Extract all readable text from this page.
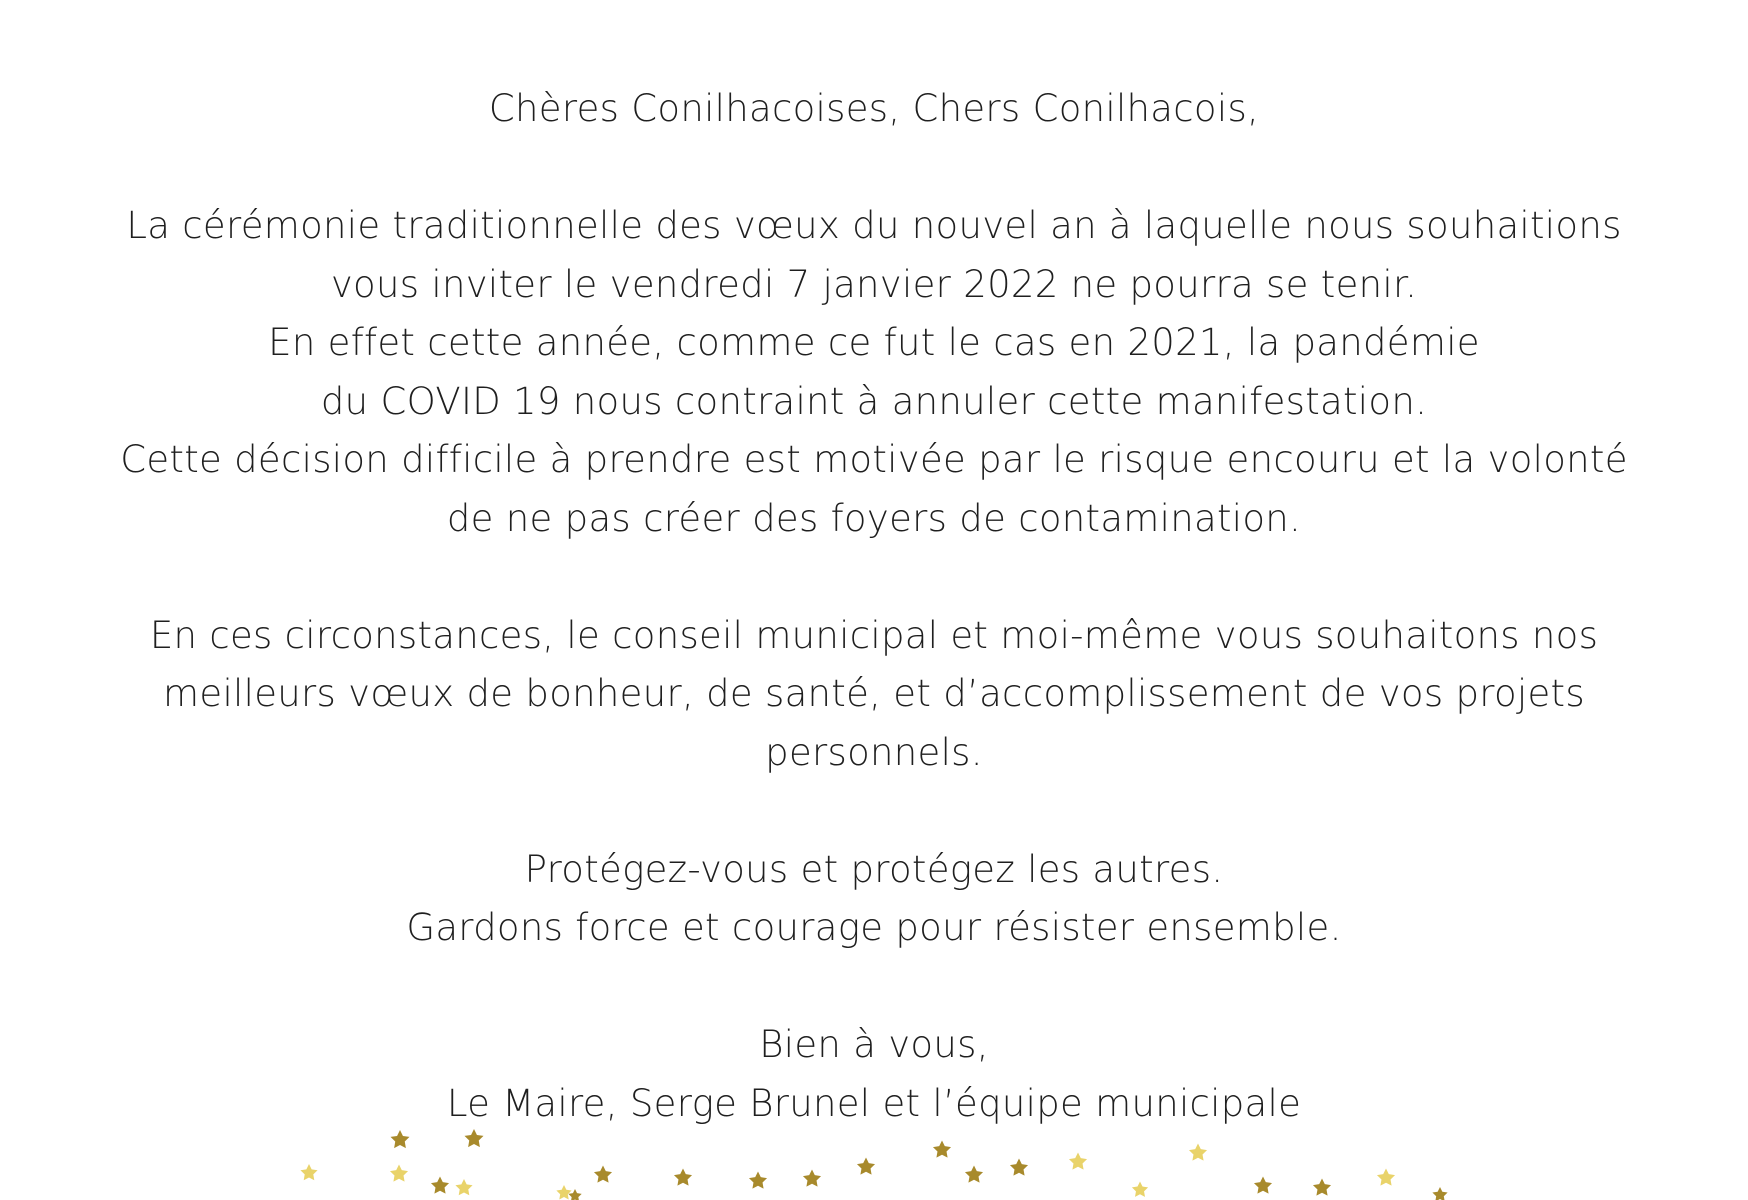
Chères Conilhacoises, Chers Conilhacois,
La cérémonie traditionnelle des vœux du nouvel an à laquelle nous souhaitions
vous inviter le vendredi 7 janvier 2022 ne pourra se tenir.
En effet cette année, comme ce fut le cas en 2021, la pandémie
du COVID 19 nous contraint à annuler cette manifestation.
Cette décision difficile à prendre est motivée par le risque encouru et la volonté
de ne pas créer des foyers de contamination.
En ces circonstances, le conseil municipal et moi-même vous souhaitons nos
meilleurs vœux de bonheur, de santé, et d’accomplissement de vos projets
personnels.
Protégez-vous et protégez les autres.
Gardons force et courage pour résister ensemble.
Bien à vous,
Le Maire, Serge Brunel et l’équipe municipale
